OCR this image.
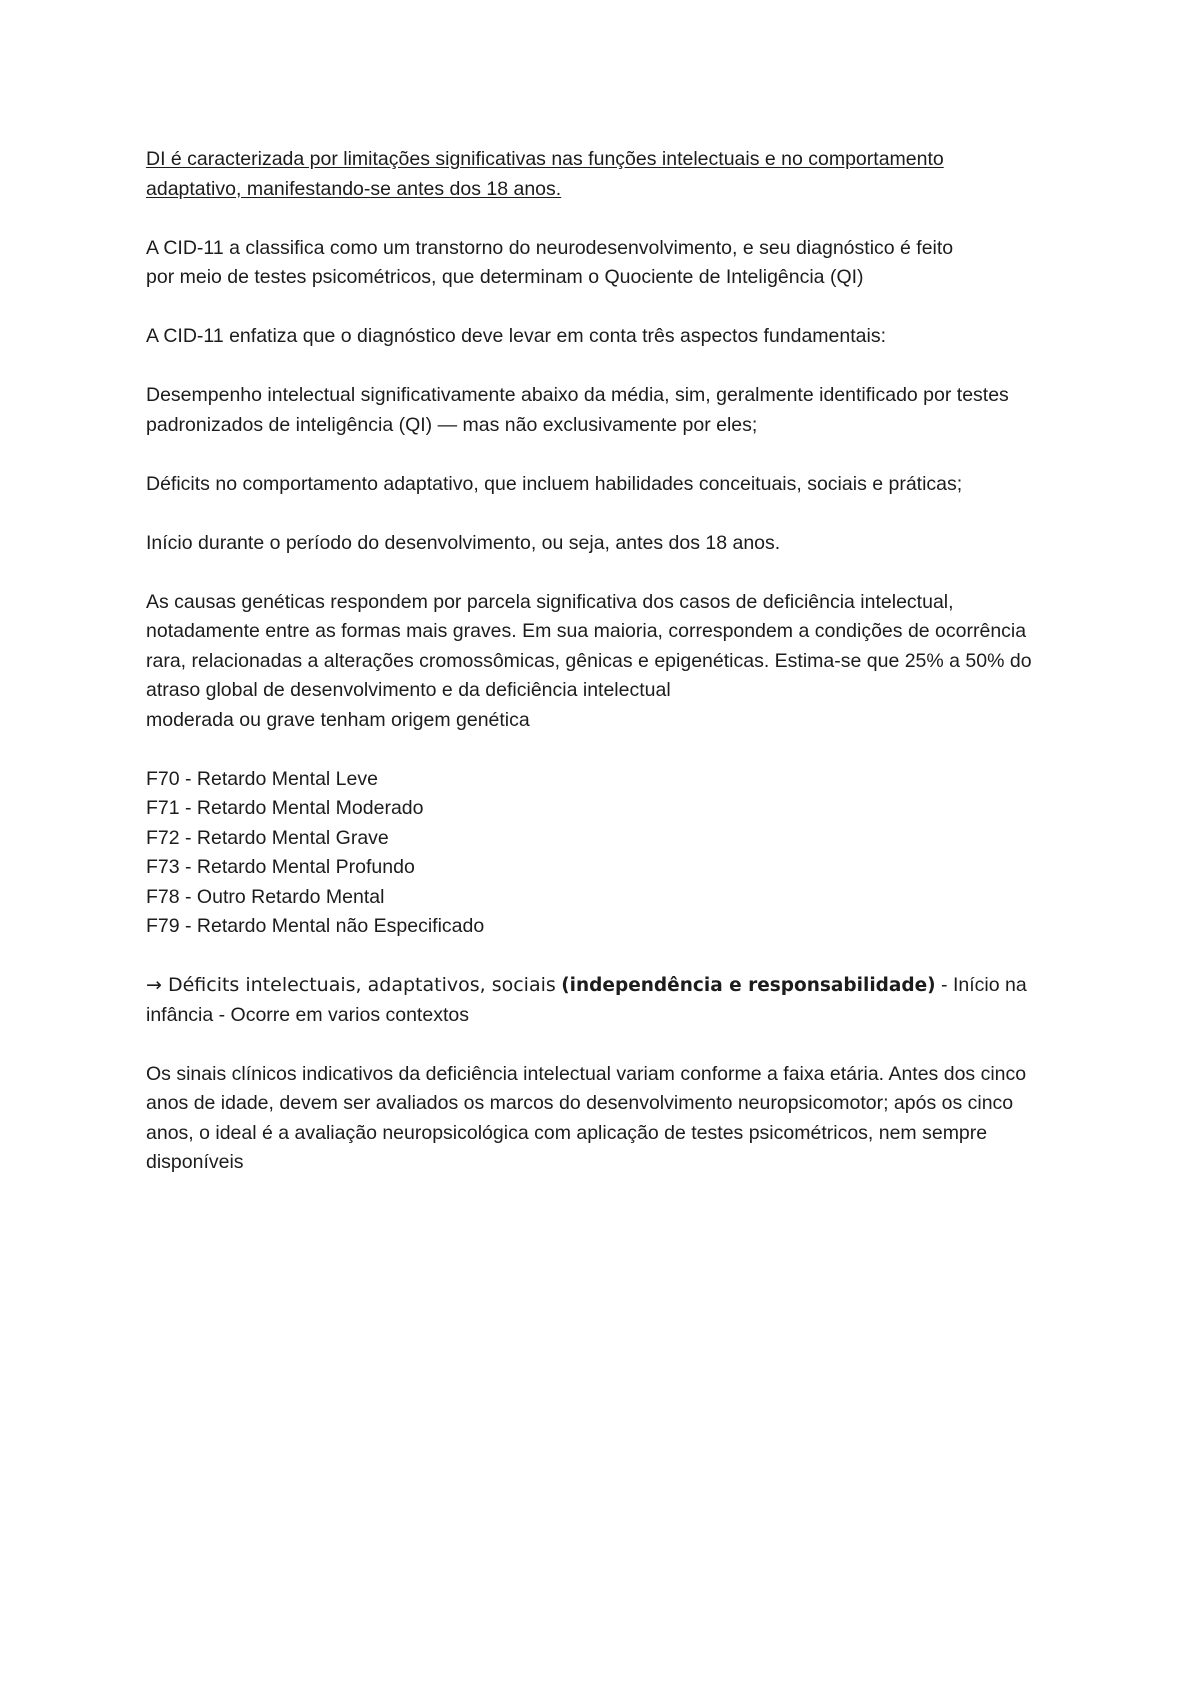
DI é caracterizada por limitações significativas nas funções intelectuais e no comportamento
adaptativo, manifestando-se antes dos 18 anos.

A CID-11 a classifica como um transtorno do neurodesenvolvimento, e seu diagnóstico é feito por meio de testes psicométricos, que determinam o Quociente de Inteligência (QI)

A CID-11 enfatiza que o diagnóstico deve levar em conta três aspectos fundamentais:

Desempenho intelectual significativamente abaixo da média, sim, geralmente identificado por testes padronizados de inteligência (QI) — mas não exclusivamente por eles;

Déficits no comportamento adaptativo, que incluem habilidades conceituais, sociais e práticas;

Início durante o período do desenvolvimento, ou seja, antes dos 18 anos.

As causas genéticas respondem por parcela significativa dos casos de deficiência intelectual, notadamente entre as formas mais graves. Em sua maioria, correspondem a condições de ocorrência rara, relacionadas a alterações cromossômicas, gênicas e epigenéticas. Estima-se que 25% a 50% do atraso global de desenvolvimento e da deficiência intelectual

moderada ou grave tenham origem genética

F70 - Retardo Mental Leve
F71 - Retardo Mental Moderado
F72 - Retardo Mental Grave
F73 - Retardo Mental Profundo
F78 - Outro Retardo Mental
F79 - Retardo Mental não Especificado

→ Déficits intelectuais, adaptativos, sociais (independência e responsabilidade) - Início na infância - Ocorre em varios contextos

Os sinais clínicos indicativos da deficiência intelectual variam conforme a faixa etária. Antes dos cinco anos de idade, devem ser avaliados os marcos do desenvolvimento neuropsicomotor; após os cinco anos, o ideal é a avaliação neuropsicológica com aplicação de testes psicométricos, nem sempre disponíveis
